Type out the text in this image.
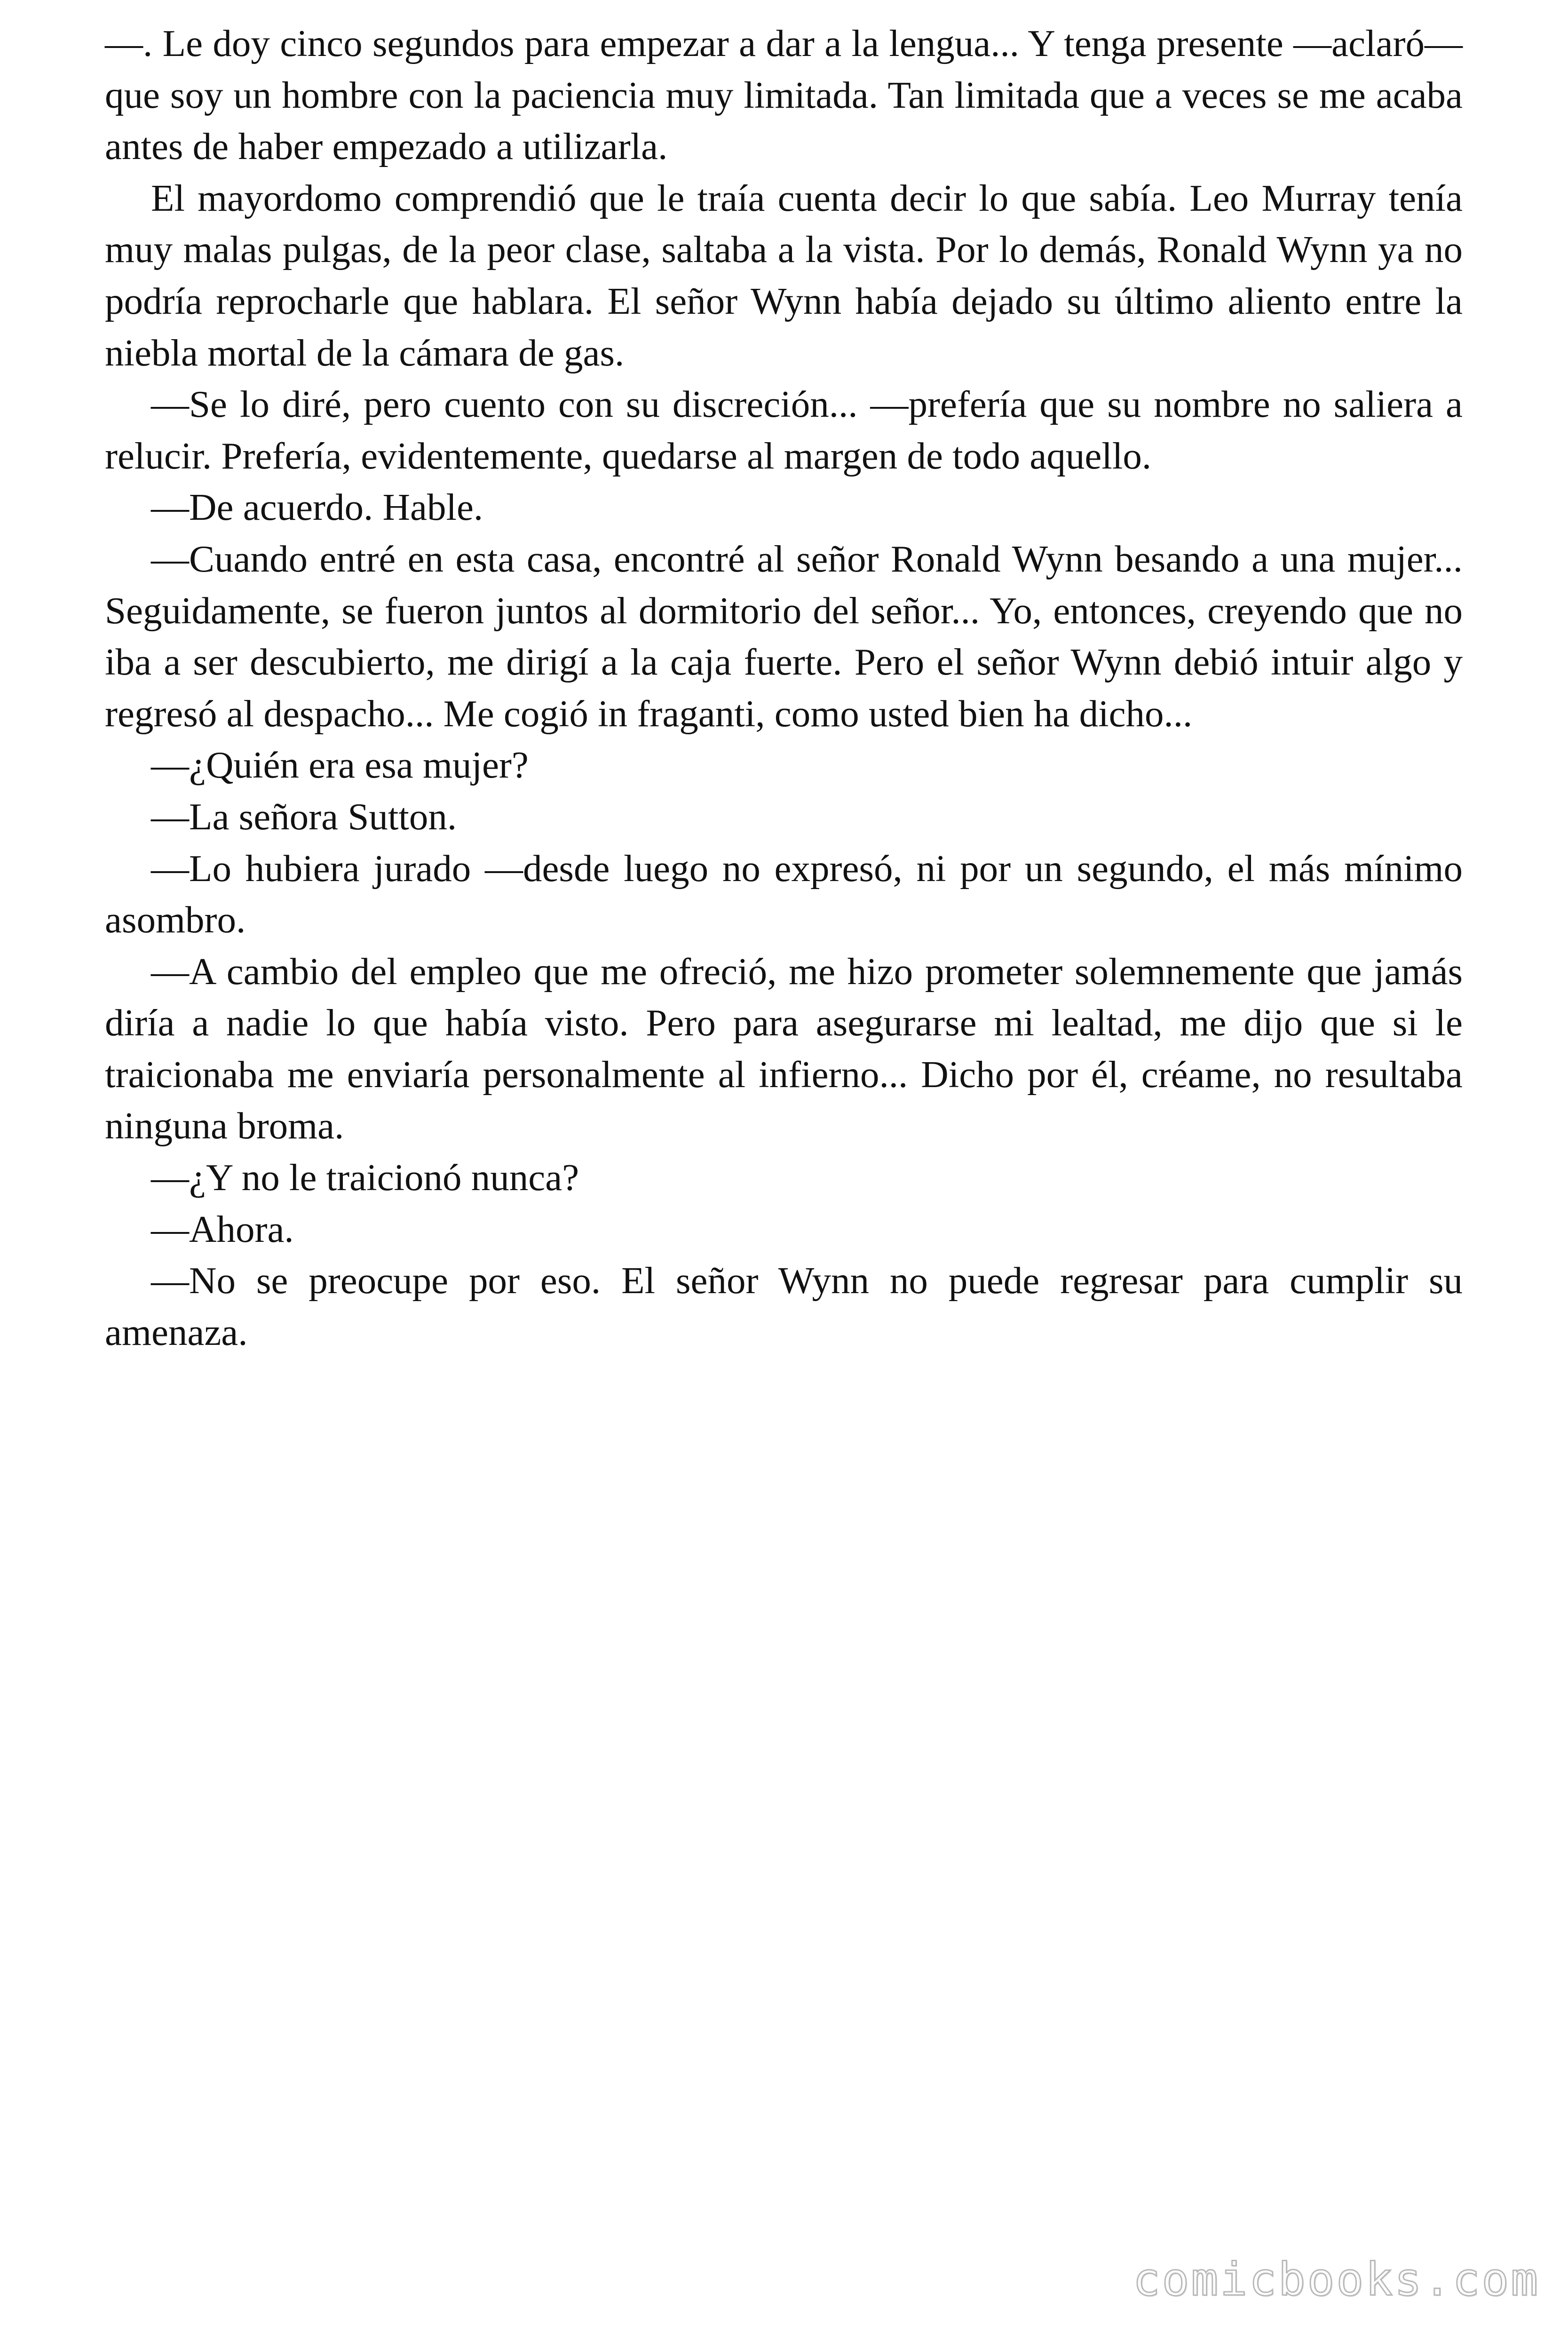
—. Le doy cinco segundos para empezar a dar a la lengua... Y tenga presente —aclaró— que soy un hombre con la paciencia muy limitada. Tan limitada que a veces se me acaba antes de haber empezado a utilizarla.

El mayordomo comprendió que le traía cuenta decir lo que sabía. Leo Murray tenía muy malas pulgas, de la peor clase, saltaba a la vista. Por lo demás, Ronald Wynn ya no podría reprocharle que hablara. El señor Wynn había dejado su último aliento entre la niebla mortal de la cámara de gas.

—Se lo diré, pero cuento con su discreción... —prefería que su nombre no saliera a relucir. Prefería, evidentemente, quedarse al margen de todo aquello.

—De acuerdo. Hable.

—Cuando entré en esta casa, encontré al señor Ronald Wynn besando a una mujer... Seguidamente, se fueron juntos al dormitorio del señor... Yo, entonces, creyendo que no iba a ser descubierto, me dirigí a la caja fuerte. Pero el señor Wynn debió intuir algo y regresó al despacho... Me cogió in fraganti, como usted bien ha dicho...

—¿Quién era esa mujer?

—La señora Sutton.

—Lo hubiera jurado —desde luego no expresó, ni por un segundo, el más mínimo asombro.

—A cambio del empleo que me ofreció, me hizo prometer solemnemente que jamás diría a nadie lo que había visto. Pero para asegurarse mi lealtad, me dijo que si le traicionaba me enviaría personalmente al infierno... Dicho por él, créame, no resultaba ninguna broma.

—¿Y no le traicionó nunca?

—Ahora.

—No se preocupe por eso. El señor Wynn no puede regresar para cumplir su amenaza.

comicbooks.com
